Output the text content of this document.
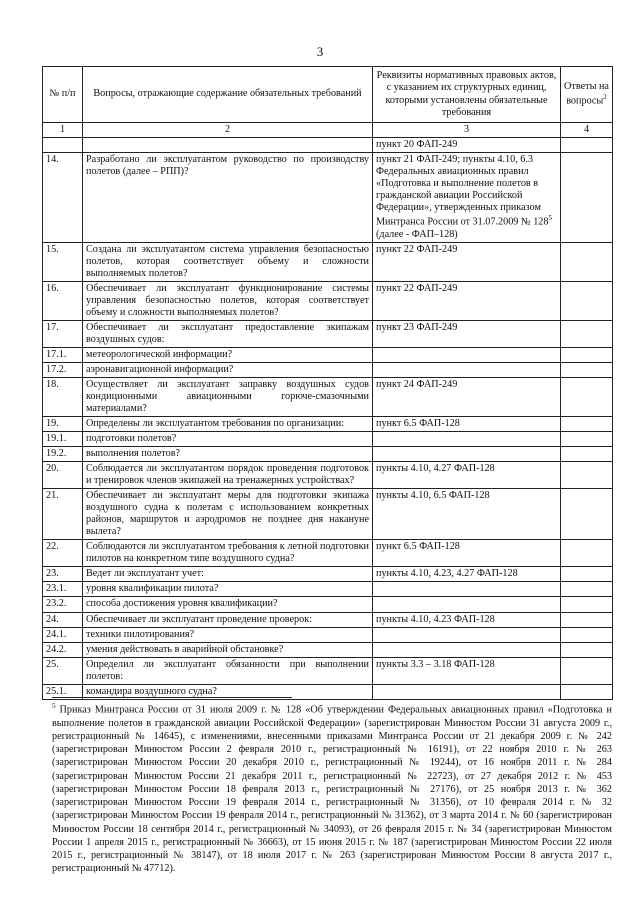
3
№ п/п	Вопросы, отражающие содержание обязательных требований	Реквизиты нормативных правовых актов, с указанием их структурных единиц, которыми установлены обязательные требования	Ответы на вопросы$^2$
1	2	3	4
		пункт 20 ФАП-249	
14.	Разработано ли эксплуатантом руководство по производству полетов (далее – РПП)?	пункт 21 ФАП-249; пункты 4.10, 6.3 Федеральных авиационных правил «Подготовка и выполнение полетов в гражданской авиации Российской Федерации», утвержденных приказом Минтранса России от 31.07.2009 № $128^5$ (далее - ФАП–128)	
15.	Создана ли эксплуатантом система управления безопасностью полетов, которая соответствует объему и сложности выполняемых полетов?	пункт 22 ФАП-249	
16.	Обеспечивает ли эксплуатант функционирование системы управления безопасностью полетов, которая соответствует объему и сложности выполняемых полетов?	пункт 22 ФАП-249	
17.	Обеспечивает ли эксплуатант предоставление экипажам воздушных судов:	пункт 23 ФАП-249	
17.1.	метеорологической информации?		
17.2.	аэронавигационной информации?		
18.	Осуществляет ли эксплуатант заправку воздушных судов кондиционными авиационными горюче-смазочными материалами?	пункт 24 ФАП-249	
19.	Определены ли эксплуатантом требования по организации:	пункт 6.5 ФАП-128	
19.1.	подготовки полетов?		
19.2.	выполнения полетов?		
20.	Соблюдается ли эксплуатантом порядок проведения подготовок и тренировок членов экипажей на тренажерных устройствах?	пункты 4.10, 4.27 ФАП-128	
21.	Обеспечивает ли эксплуатант меры для подготовки экипажа воздушного судна к полетам с использованием конкретных районов, маршрутов и аэродромов не позднее дня накануне вылета?	пункты 4.10, 6.5 ФАП-128	
22.	Соблюдаются ли эксплуатантом требования к летной подготовки пилотов на конкретном типе воздушного судна?	пункт 6.5 ФАП-128	
23.	Ведет ли эксплуатант учет:	пункты 4.10, 4.23, 4.27 ФАП-128	
23.1.	уровня квалификации пилота?		
23.2.	способа достижения уровня квалификации?		
24.	Обеспечивает ли эксплуатант проведение проверок:	пункты 4.10, 4.23 ФАП-128	
24.1.	техники пилотирования?		
24.2.	умения действовать в аварийной обстановке?		
25.	Определил ли эксплуатант обязанности при выполнении полетов:	пункты 3.3 – 3.18 ФАП-128	
25.1.	командира воздушного судна?		
$^5$ Приказ Минтранса России от 31 июля 2009 г. № 128 «Об утверждении Федеральных авиационных правил «Подготовка и выполнение полетов в гражданской авиации Российской Федерации» (зарегистрирован Минюстом России 31 августа 2009 г., регистрационный № 14645), с изменениями, внесенными приказами Минтранса России от 21 декабря 2009 г. № 242 (зарегистрирован Минюстом России 2 февраля 2010 г., регистрационный № 16191), от 22 ноября 2010 г. № 263 (зарегистрирован Минюстом России 20 декабря 2010 г., регистрационный № 19244), от 16 ноября 2011 г. № 284 (зарегистрирован Минюстом России 21 декабря 2011 г., регистрационный № 22723), от 27 декабря 2012 г. № 453 (зарегистрирован Минюстом России 18 февраля 2013 г., регистрационный № 27176), от 25 ноября 2013 г. № 362 (зарегистрирован Минюстом России 19 февраля 2014 г., регистрационный № 31356), от 10 февраля 2014 г. № 32 (зарегистрирован Минюстом России 19 февраля 2014 г., регистрационный № 31362), от 3 марта 2014 г. № 60 (зарегистрирован Минюстом России 18 сентября 2014 г., регистрационный № 34093), от 26 февраля 2015 г. № 34 (зарегистрирован Минюстом России 1 апреля 2015 г., регистрационный № 36663), от 15 июня 2015 г. № 187 (зарегистрирован Минюстом России 22 июля 2015 г., регистрационный № 38147), от 18 июля 2017 г. № 263 (зарегистрирован Минюстом России 8 августа 2017 г., регистрационный № 47712).
